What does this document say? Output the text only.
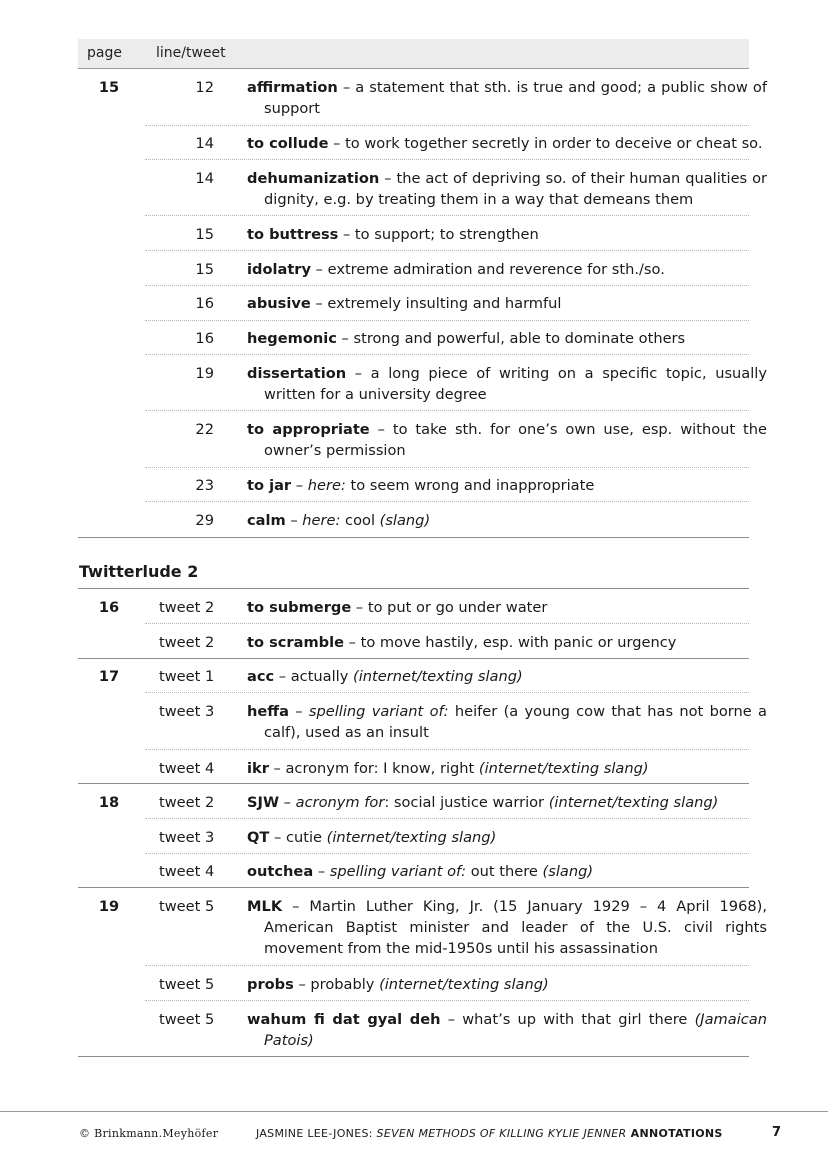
page line/tweet
15	12 affirmation – a statement that sth. is true and good; a public show of support
14 to collude – to work together secretly in order to deceive or cheat so.
14 dehumanization – the act of depriving so. of their human qualities or dignity, e.g. by treating them in a way that demeans them
15 to buttress – to support; to strengthen
15 idolatry – extreme admiration and reverence for sth./so.
16 abusive – extremely insulting and harmful
16 hegemonic – strong and powerful, able to dominate others
19 dissertation – a long piece of writing on a specific topic, usually written for a university degree
22 to appropriate – to take sth. for one’s own use, esp. without the owner’s permission
23 to jar – here: to seem wrong and inappropriate
29 calm – here: cool (slang)
Twitterlude 2
16	tweet 2	to submerge – to put or go under water
tweet 2	to scramble – to move hastily, esp. with panic or urgency
17	tweet 1	acc – actually (internet/texting slang)
tweet 3	heffa – spelling variant of: heifer (a young cow that has not borne a calf), used as an insult
tweet 4	ikr – acronym for: I know, right (internet/texting slang)
18	tweet 2	SJW – acronym for: social justice warrior (internet/texting slang)
tweet 3	QT – cutie (internet/texting slang)
tweet 4	outchea – spelling variant of: out there (slang)
19	tweet 5	MLK – Martin Luther King, Jr. (15 January 1929 – 4 April 1968), American Baptist minister and leader of the U.S. civil rights movement from the mid-1950s until his assassination
tweet 5	probs – probably (internet/texting slang)
tweet 5	wahum fi dat gyal deh – what’s up with that girl there (Jamaican Patois)
© Brinkmann.Meyhöfer	JASMINE LEE-JONES: SEVEN METHODS OF KILLING KYLIE JENNER ANNOTATIONS	7
